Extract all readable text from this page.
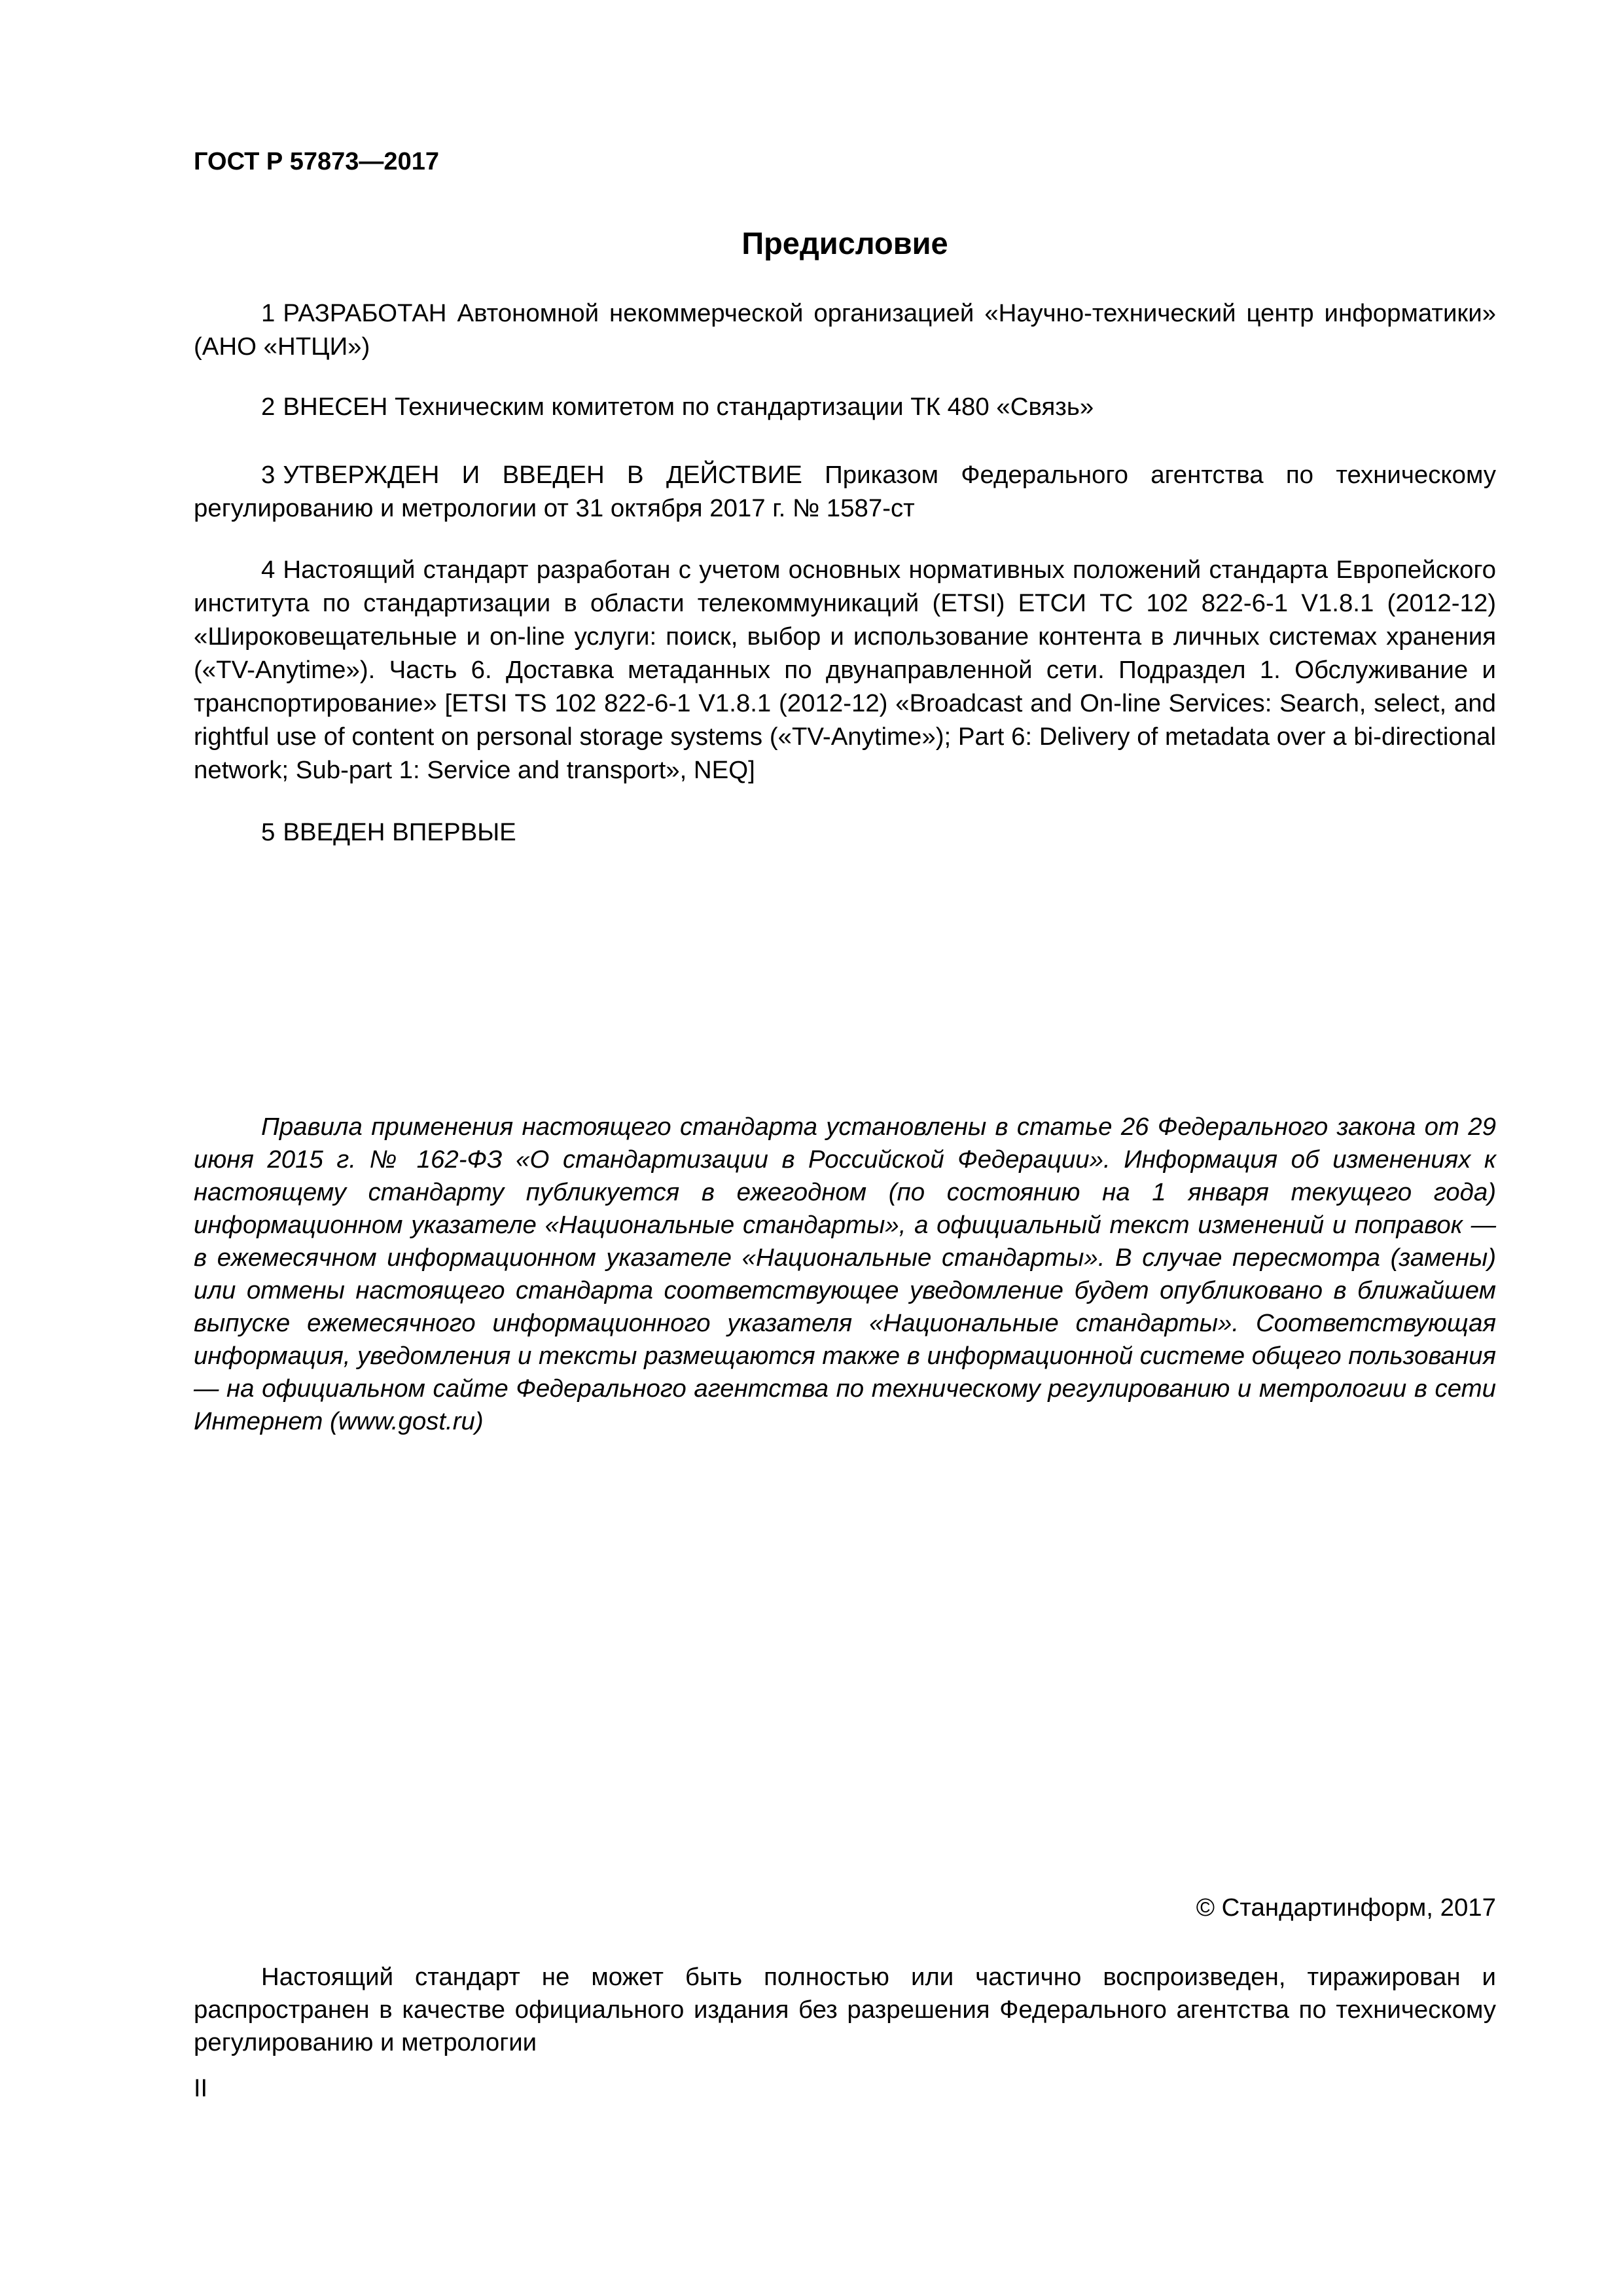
ГОСТ Р 57873—2017

Предисловие

1 РАЗРАБОТАН Автономной некоммерческой организацией «Научно-технический центр информатики» (АНО «НТЦИ»)

2 ВНЕСЕН Техническим комитетом по стандартизации ТК 480 «Связь»

3 УТВЕРЖДЕН И ВВЕДЕН В ДЕЙСТВИЕ Приказом Федерального агентства по техническому регулированию и метрологии от 31 октября 2017 г. № 1587-ст

4 Настоящий стандарт разработан с учетом основных нормативных положений стандарта Европейского института по стандартизации в области телекоммуникаций (ETSI) ЕТСИ ТС 102 822-6-1 V1.8.1 (2012-12) «Широковещательные и on-line услуги: поиск, выбор и использование контента в личных системах хранения («TV-Anytime»). Часть 6. Доставка метаданных по двунаправленной сети. Подраздел 1. Обслуживание и транспортирование» [ETSI TS 102 822-6-1 V1.8.1 (2012-12) «Broadcast and On-line Services: Search, select, and rightful use of content on personal storage systems («TV-Anytime»); Part 6: Delivery of metadata over a bi-directional network; Sub-part 1: Service and transport», NEQ]

5 ВВЕДЕН ВПЕРВЫЕ

Правила применения настоящего стандарта установлены в статье 26 Федерального закона от 29 июня 2015 г. № 162-ФЗ «О стандартизации в Российской Федерации». Информация об изменениях к настоящему стандарту публикуется в ежегодном (по состоянию на 1 января текущего года) информационном указателе «Национальные стандарты», а официальный текст изменений и поправок — в ежемесячном информационном указателе «Национальные стандарты». В случае пересмотра (замены) или отмены настоящего стандарта соответствующее уведомление будет опубликовано в ближайшем выпуске ежемесячного информационного указателя «Национальные стандарты». Соответствующая информация, уведомления и тексты размещаются также в информационной системе общего пользования — на официальном сайте Федерального агентства по техническому регулированию и метрологии в сети Интернет (www.gost.ru)

© Стандартинформ, 2017

Настоящий стандарт не может быть полностью или частично воспроизведен, тиражирован и распространен в качестве официального издания без разрешения Федерального агентства по техническому регулированию и метрологии

II
